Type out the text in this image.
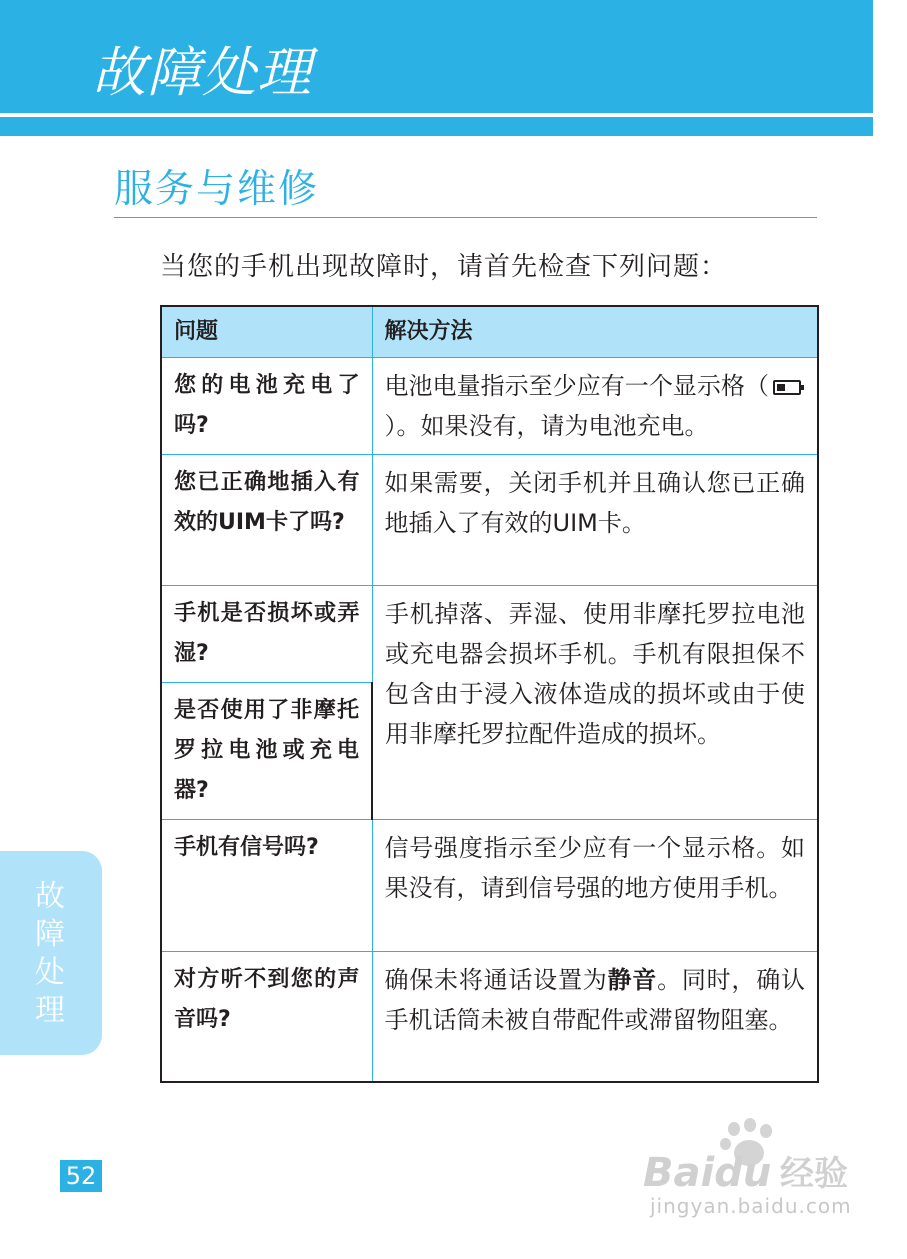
故障处理
服务与维修
当您的手机出现故障时，请首先检查下列问题：
问题	解决方法
您的电池充电了吗?	电池电量指示至少应有一个显示格（）。如果没有，请为电池充电。
您已正确地插入有效的UIM卡了吗?	如果需要，关闭手机并且确认您已正确地插入了有效的UIM卡。
手机是否损坏或弄湿?	手机掉落、弄湿、使用非摩托罗拉电池或充电器会损坏手机。手机有限担保不包含由于浸入液体造成的损坏或由于使用非摩托罗拉配件造成的损坏。
是否使用了非摩托罗拉电池或充电器?	
手机有信号吗?	信号强度指示至少应有一个显示格。如果没有，请到信号强的地方使用手机。
对方听不到您的声音吗?	确保未将通话设置为静音。同时，确认手机话筒未被自带配件或滞留物阻塞。
故障处理
52	Baidu 经验
jingyan.baidu.com
